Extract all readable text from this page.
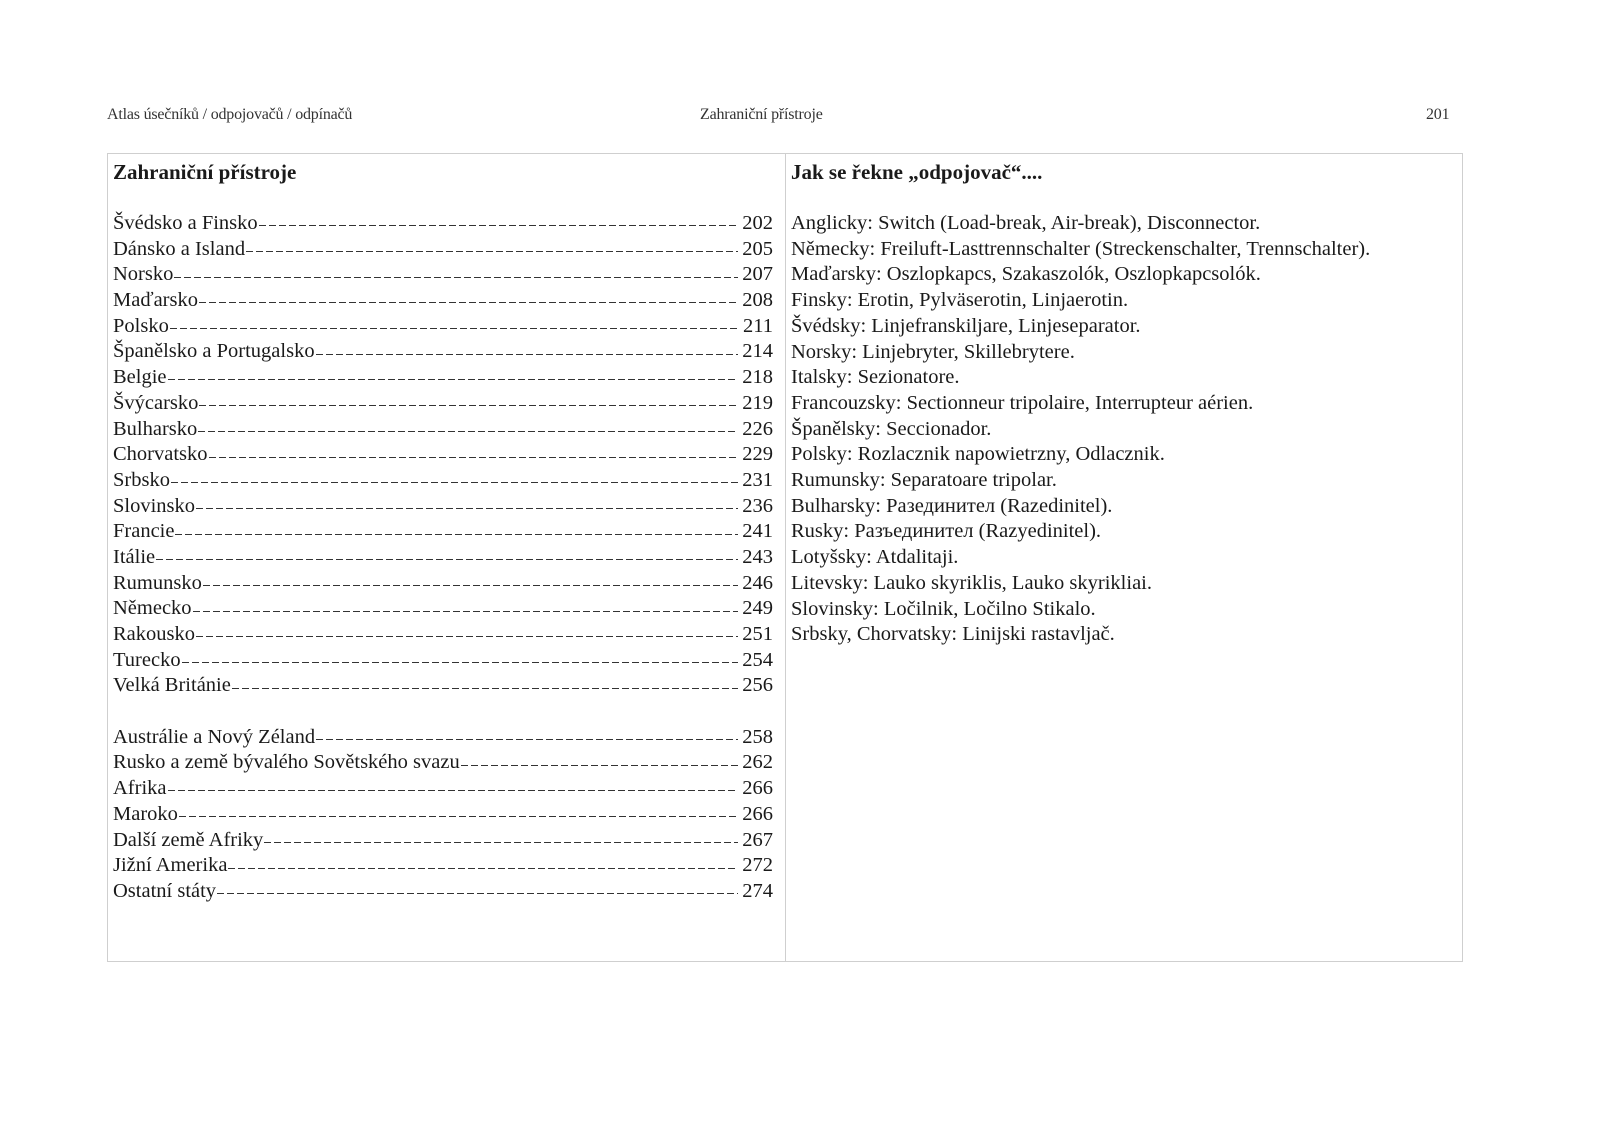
Atlas úsečníků / odpojovačů / odpínačů	Zahraniční přístroje	201
Zahraniční přístroje	Jak se řekne „odpojovač“....
Švédsko a Finsko	202
Dánsko a Island	205
Norsko	207
Maďarsko	208
Polsko	211
Španělsko a Portugalsko	214
Belgie	218
Švýcarsko	219
Bulharsko	226
Chorvatsko	229
Srbsko	231
Slovinsko	236
Francie	241
Itálie	243
Rumunsko	246
Německo	249
Rakousko	251
Turecko	254
Velká Británie	256
Austrálie a Nový Zéland	258
Rusko a země bývalého Sovětského svazu	262
Afrika	266
Maroko	266
Další země Afriky	267
Jižní Amerika	272
Ostatní státy	274
Anglicky: Switch (Load-break, Air-break), Disconnector.
Německy: Freiluft-Lasttrennschalter (Streckenschalter, Trennschalter).
Maďarsky: Oszlopkapcs, Szakaszolók, Oszlopkapcsolók.
Finsky: Erotin, Pylväserotin, Linjaerotin.
Švédsky: Linjefranskiljare, Linjeseparator.
Norsky: Linjebryter, Skillebrytere.
Italsky: Sezionatore.
Francouzsky: Sectionneur tripolaire, Interrupteur aérien.
Španělsky: Seccionador.
Polsky: Rozlacznik napowietrzny, Odlacznik.
Rumunsky: Separatoare tripolar.
Bulharsky: Разединител (Razedinitel).
Rusky: Разъединител (Razyedinitel).
Lotyšsky: Atdalitaji.
Litevsky: Lauko skyriklis, Lauko skyrikliai.
Slovinsky: Ločilnik, Ločilno Stikalo.
Srbsky, Chorvatsky: Linijski rastavljač.
